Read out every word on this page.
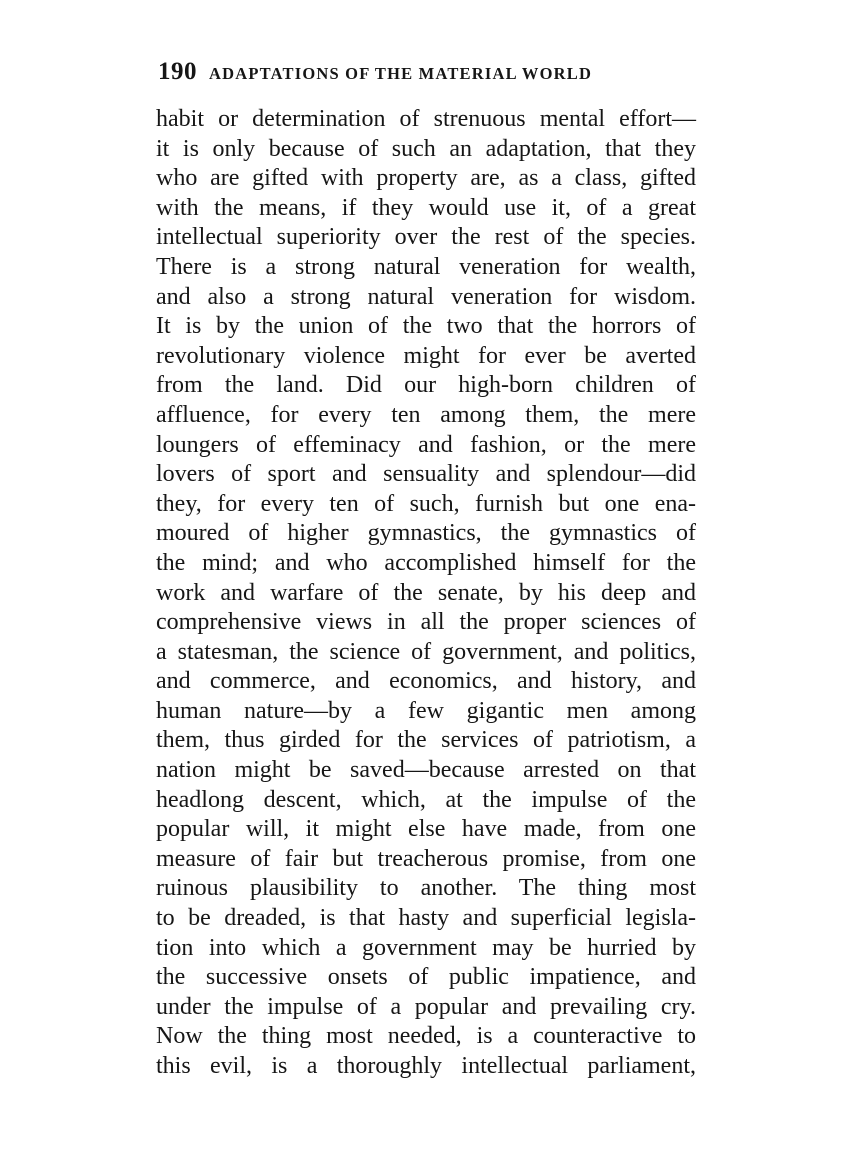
190 ADAPTATIONS OF THE MATERIAL WORLD
habit or determination of strenuous mental effort—
it is only because of such an adaptation, that they
who are gifted with property are, as a class, gifted
with the means, if they would use it, of a great
intellectual superiority over the rest of the species.
There is a strong natural veneration for wealth,
and also a strong natural veneration for wisdom.
It is by the union of the two that the horrors of
revolutionary violence might for ever be averted
from the land. Did our high-born children of
affluence, for every ten among them, the mere
loungers of effeminacy and fashion, or the mere
lovers of sport and sensuality and splendour—did
they, for every ten of such, furnish but one ena-
moured of higher gymnastics, the gymnastics of
the mind; and who accomplished himself for the
work and warfare of the senate, by his deep and
comprehensive views in all the proper sciences of
a statesman, the science of government, and politics,
and commerce, and economics, and history, and
human nature—by a few gigantic men among
them, thus girded for the services of patriotism, a
nation might be saved—because arrested on that
headlong descent, which, at the impulse of the
popular will, it might else have made, from one
measure of fair but treacherous promise, from one
ruinous plausibility to another. The thing most
to be dreaded, is that hasty and superficial legisla-
tion into which a government may be hurried by
the successive onsets of public impatience, and
under the impulse of a popular and prevailing cry.
Now the thing most needed, is a counteractive to
this evil, is a thoroughly intellectual parliament,
